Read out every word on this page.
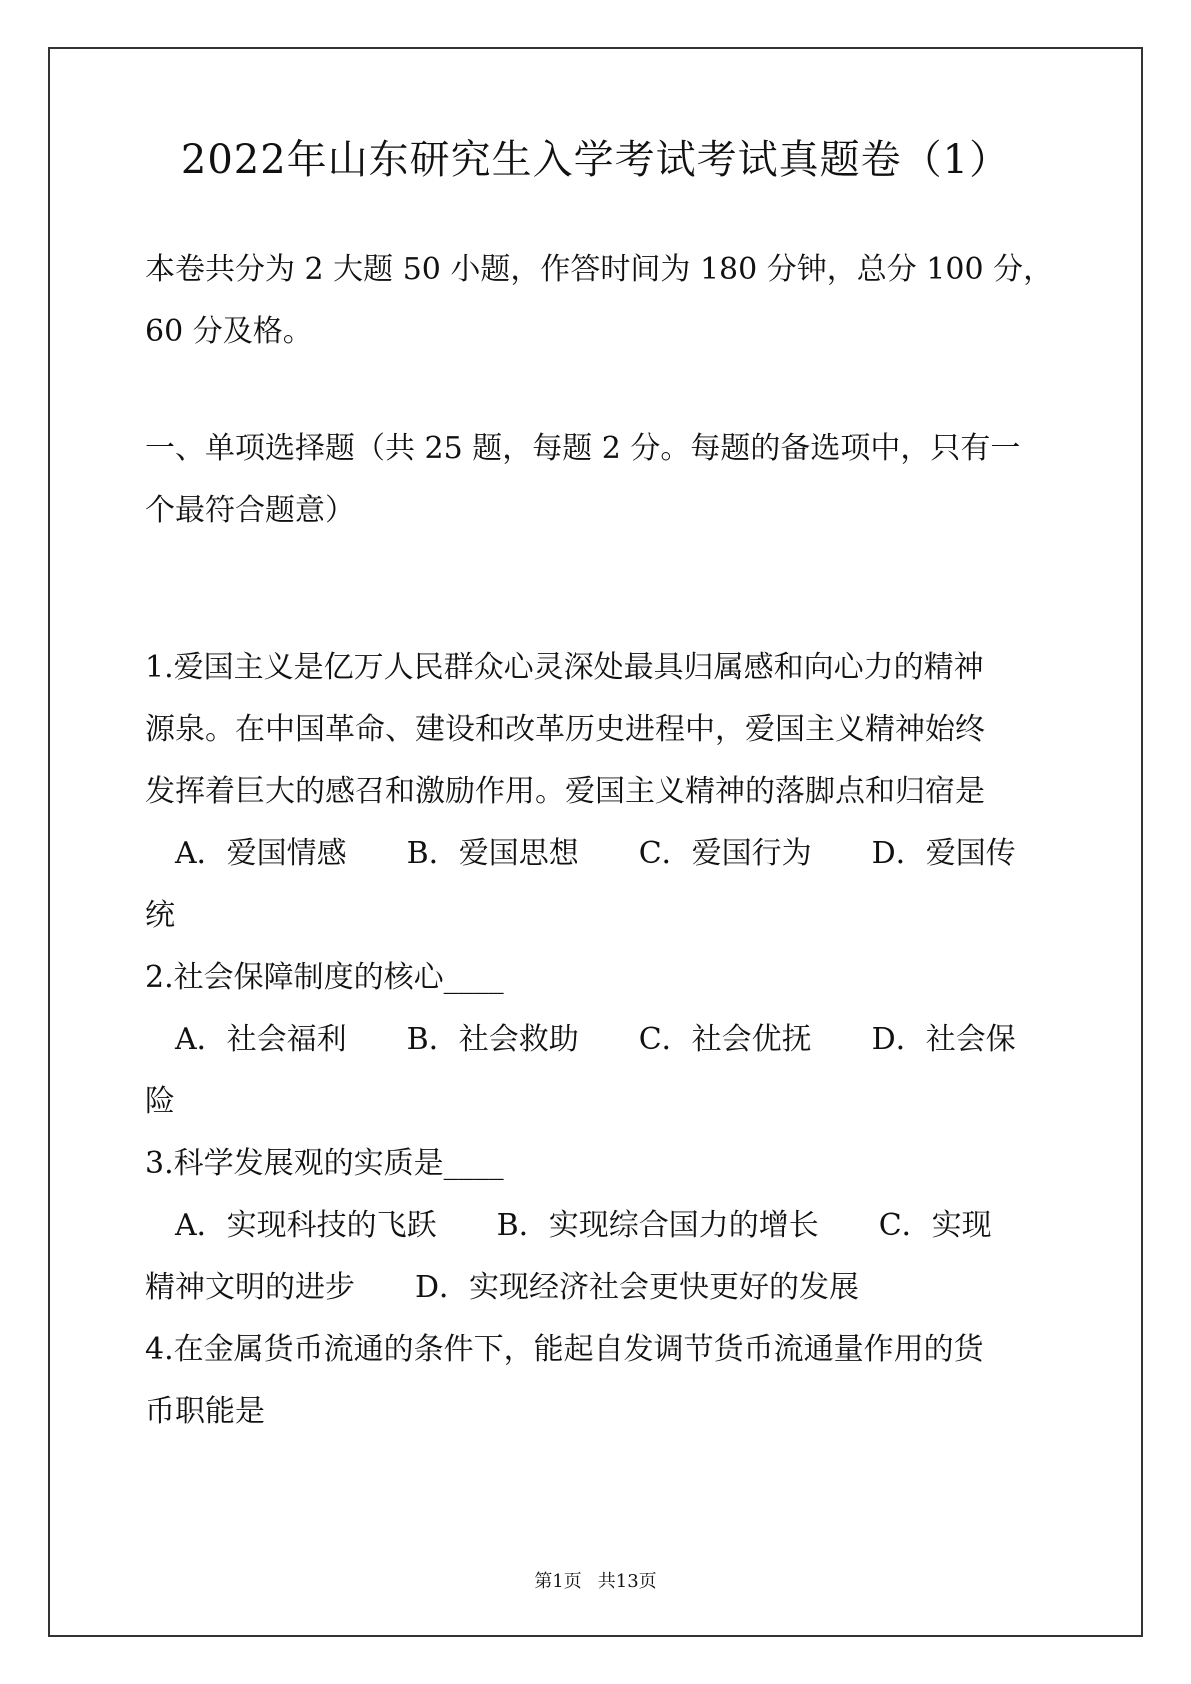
2022年山东研究生入学考试考试真题卷（1）
本卷共分为 2 大题 50 小题，作答时间为 180 分钟，总分 100 分，
60 分及格。
一、单项选择题（共 25 题，每题 2 分。每题的备选项中，只有一
个最符合题意）
1.爱国主义是亿万人民群众心灵深处最具归属感和向心力的精神
源泉。在中国革命、建设和改革历史进程中，爱国主义精神始终
发挥着巨大的感召和激励作用。爱国主义精神的落脚点和归宿是
　A．爱国情感　　B．爱国思想　　C．爱国行为　　D．爱国传
统
2.社会保障制度的核心____
　A．社会福利　　B．社会救助　　C．社会优抚　　D．社会保
险
3.科学发展观的实质是____
　A．实现科技的飞跃　　B．实现综合国力的增长　　C．实现
精神文明的进步　　D．实现经济社会更快更好的发展
4.在金属货币流通的条件下，能起自发调节货币流通量作用的货
币职能是
第1页 共13页
